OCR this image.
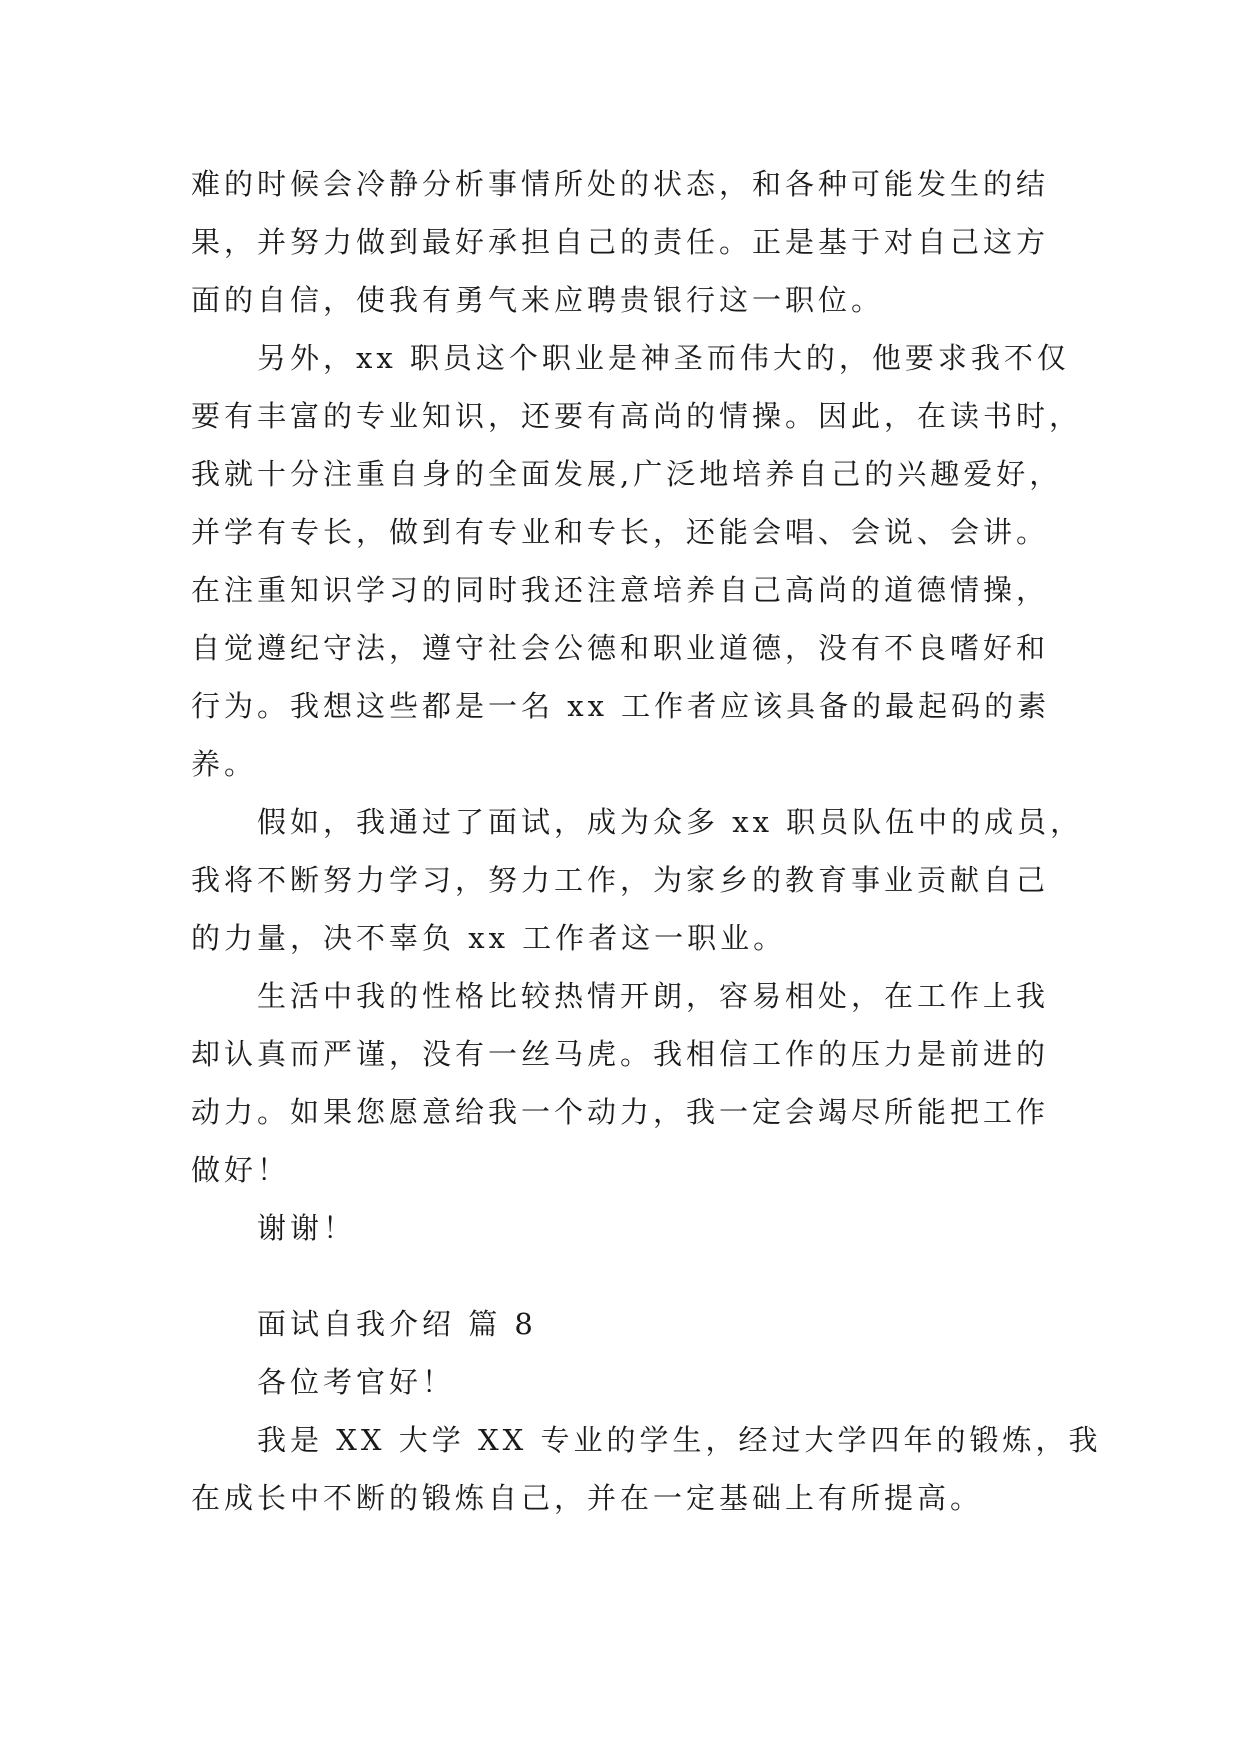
难的时候会冷静分析事情所处的状态，和各种可能发生的结
果，并努力做到最好承担自己的责任。正是基于对自己这方
面的自信，使我有勇气来应聘贵银行这一职位。
另外，xx 职员这个职业是神圣而伟大的，他要求我不仅
要有丰富的专业知识，还要有高尚的情操。因此，在读书时，
我就十分注重自身的全面发展,广泛地培养自己的兴趣爱好，
并学有专长，做到有专业和专长，还能会唱、会说、会讲。
在注重知识学习的同时我还注意培养自己高尚的道德情操，
自觉遵纪守法，遵守社会公德和职业道德，没有不良嗜好和
行为。我想这些都是一名 xx 工作者应该具备的最起码的素
养。
假如，我通过了面试，成为众多 xx 职员队伍中的成员，
我将不断努力学习，努力工作，为家乡的教育事业贡献自己
的力量，决不辜负 xx 工作者这一职业。
生活中我的性格比较热情开朗，容易相处，在工作上我
却认真而严谨，没有一丝马虎。我相信工作的压力是前进的
动力。如果您愿意给我一个动力，我一定会竭尽所能把工作
做好！
谢谢！
面试自我介绍 篇 8
各位考官好！
我是 XX 大学 XX 专业的学生，经过大学四年的锻炼，我
在成长中不断的锻炼自己，并在一定基础上有所提高。
